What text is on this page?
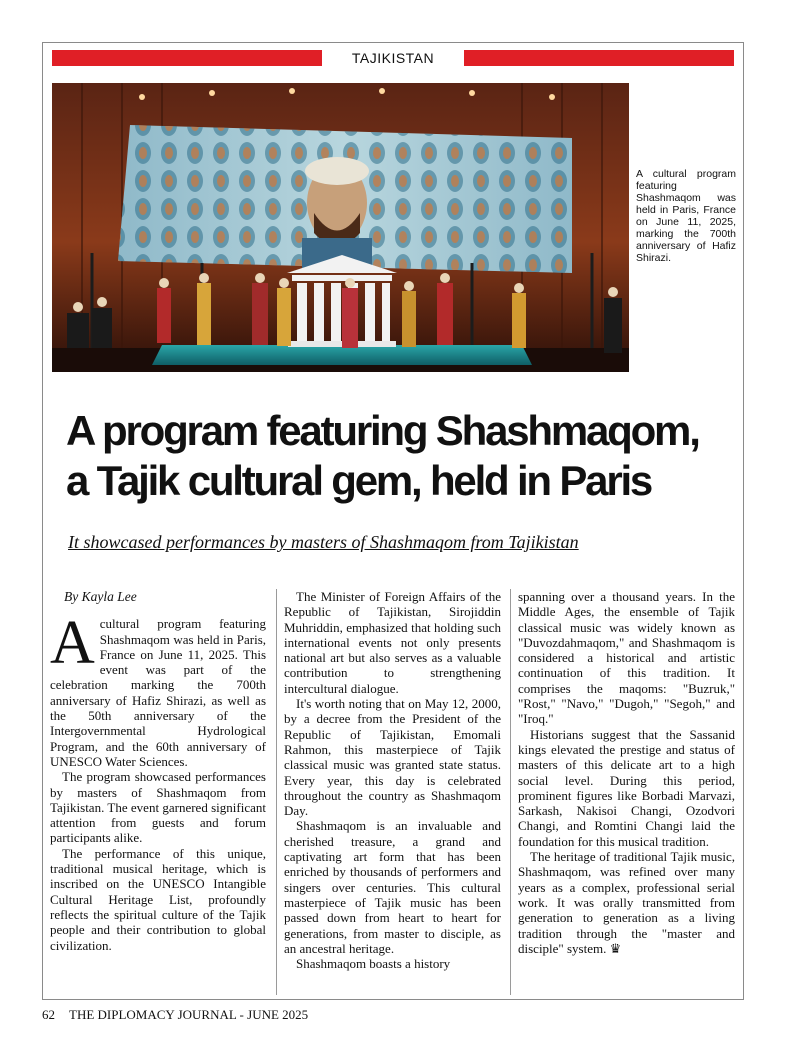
TAJIKISTAN
A cultural program featuring Shashmaqom was held in Paris, France on June 11, 2025, marking the 700th anniversary of Hafiz Shirazi.
A program featuring Shashmaqom,
a Tajik cultural gem, held in Paris
It showcased performances by masters of Shashmaqom from Tajikistan

By Kayla Lee

Acultural program featuring Shashmaqom was held in Paris, France on June 11, 2025. This event was part of the celebration marking the 700th anniversary of Hafiz Shirazi, as well as the 50th anniversary of the Intergovernmental Hydrological Program, and the 60th anniversary of UNESCO Water Sciences.

The program showcased performances by masters of Shashmaqom from Tajikistan. The event garnered significant attention from guests and forum participants alike.

The performance of this unique, traditional musical heritage, which is inscribed on the UNESCO Intangible Cultural Heritage List, profoundly reflects the spiritual culture of the Tajik people and their contribution to global civilization.

The Minister of Foreign Affairs of the Republic of Tajikistan, Sirojiddin Muhriddin, emphasized that holding such international events not only presents national art but also serves as a valuable contribution to strengthening intercultural dialogue.

It's worth noting that on May 12, 2000, by a decree from the President of the Republic of Tajikistan, Emomali Rahmon, this masterpiece of Tajik classical music was granted state status. Every year, this day is celebrated throughout the country as Shashmaqom Day.

Shashmaqom is an invaluable and cherished treasure, a grand and captivating art form that has been enriched by thousands of performers and singers over centuries. This cultural masterpiece of Tajik music has been passed down from heart to heart for generations, from master to disciple, as an ancestral heritage.

Shashmaqom boasts a history

spanning over a thousand years. In the Middle Ages, the ensemble of Tajik classical music was widely known as "Duvozdahmaqom," and Shashmaqom is considered a historical and artistic continuation of this tradition. It comprises the maqoms: "Buzruk," "Rost," "Navo," "Dugoh," "Segoh," and "Iroq."

Historians suggest that the Sassanid kings elevated the prestige and status of masters of this delicate art to a high social level. During this period, prominent figures like Borbadi Marvazi, Sarkash, Nakisoi Changi, Ozodvori Changi, and Romtini Changi laid the foundation for this musical tradition.

The heritage of traditional Tajik music, Shashmaqom, was refined over many years as a complex, professional serial work. It was orally transmitted from generation to generation as a living tradition through the "master and disciple" system. ♛

62 THE DIPLOMACY JOURNAL - JUNE 2025
